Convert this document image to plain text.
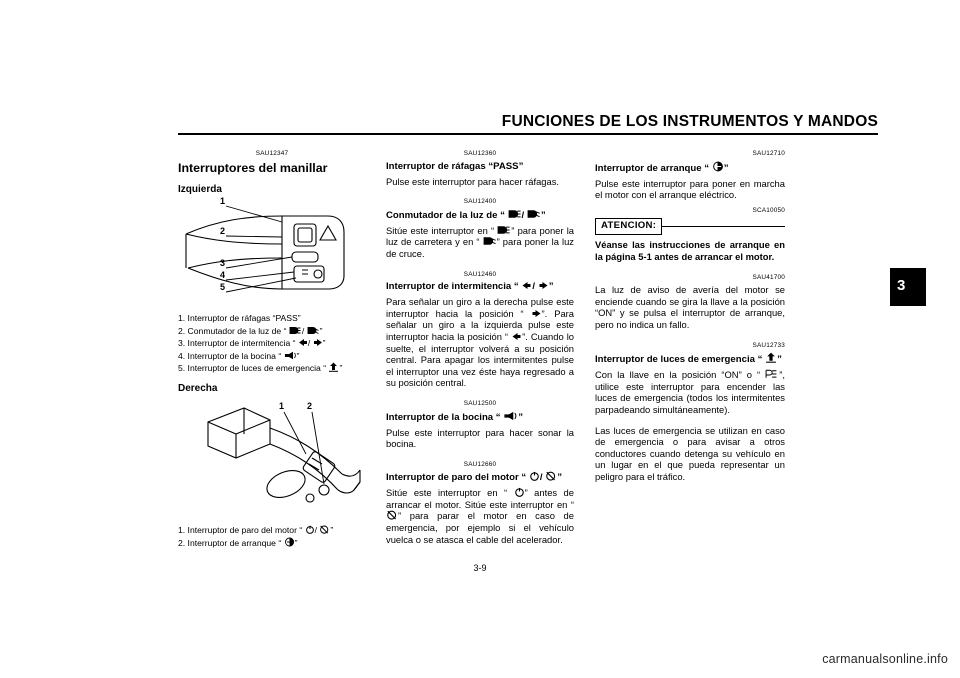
FUNCIONES DE LOS INSTRUMENTOS Y MANDOS
3
SAU12347
Interruptores del manillar
Izquierda
1
2
3
4
5
1. Interruptor de ráfagas “PASS”
2. Conmutador de la luz de “ / ”
3. Interruptor de intermitencia “ / ”
4. Interruptor de la bocina “ ”
5. Interruptor de luces de emergencia “ ”
Derecha
1	2
1. Interruptor de paro del motor “ / ”
2. Interruptor de arranque “ ”
SAU12360
Interruptor de ráfagas “PASS”

Pulse este interruptor para hacer ráfagas.

SAU12400
Conmutador de la luz de “ / ”

Sitúe este interruptor en “ ” para poner la luz de carretera y en “ ” para poner la luz de cruce.

SAU12460
Interruptor de intermitencia “ / ”

Para señalar un giro a la derecha pulse este interruptor hacia la posición “ ”. Para señalar un giro a la izquierda pulse este interruptor hacia la posición “ ”. Cuando lo suelte, el interruptor volverá a su posición central. Para apagar los intermitentes pulse el interruptor una vez éste haya regresado a su posición central.

SAU12500
Interruptor de la bocina “ ”

Pulse este interruptor para hacer sonar la bocina.

SAU12660
Interruptor de paro del motor “ / ”

Sitúe este interruptor en “ ” antes de arrancar el motor. Sitúe este interruptor en “ ” para parar el motor en caso de emergencia, por ejemplo si el vehículo vuelca o se atasca el cable del acelerador.

SAU12710
Interruptor de arranque “ ”

Pulse este interruptor para poner en marcha el motor con el arranque eléctrico.

SCA10050
ATENCION:

Véanse las instrucciones de arranque en la página 5-1 antes de arrancar el motor.

SAU41700

La luz de aviso de avería del motor se enciende cuando se gira la llave a la posición “ON” y se pulsa el interruptor de arranque, pero no indica un fallo.

SAU12733
Interruptor de luces de emergencia “ ”

Con la llave en la posición “ON” o “ ”, utilice este interruptor para encender las luces de emergencia (todos los intermitentes parpadeando simultáneamente).

Las luces de emergencia se utilizan en caso de emergencia o para avisar a otros conductores cuando detenga su vehículo en un lugar en el que pueda representar un peligro para el tráfico.

3-9
carmanualsonline.info
